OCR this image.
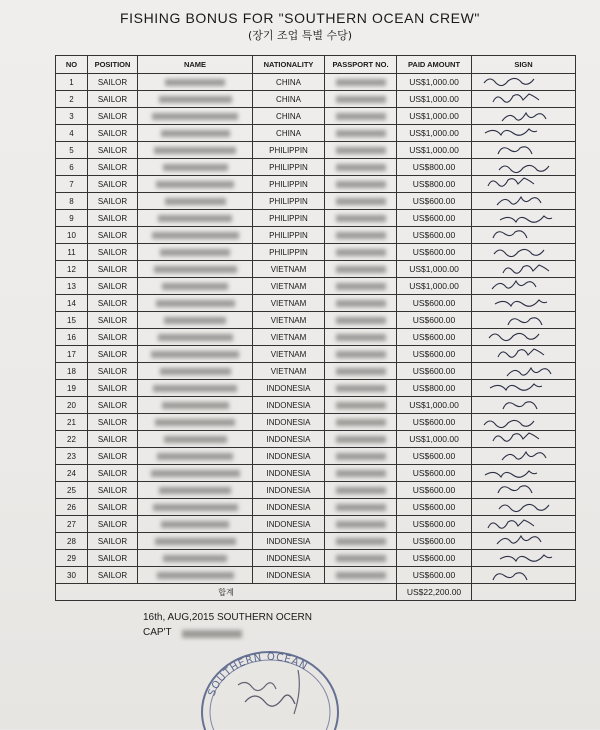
FISHING BONUS FOR "SOUTHERN OCEAN CREW"
(장기 조업 특별 수당)
NO	POSITION	NAME	NATIONALITY	PASSPORT NO.	PAID AMOUNT	SIGN
1	SAILOR		CHINA		US$1,000.00	

2	SAILOR		CHINA		US$1,000.00	

3	SAILOR		CHINA		US$1,000.00	

4	SAILOR		CHINA		US$1,000.00	

5	SAILOR		PHILIPPIN		US$1,000.00	

6	SAILOR		PHILIPPIN		US$800.00	

7	SAILOR		PHILIPPIN		US$800.00	

8	SAILOR		PHILIPPIN		US$600.00	

9	SAILOR		PHILIPPIN		US$600.00	

10	SAILOR		PHILIPPIN		US$600.00	

11	SAILOR		PHILIPPIN		US$600.00	

12	SAILOR		VIETNAM		US$1,000.00	

13	SAILOR		VIETNAM		US$1,000.00	

14	SAILOR		VIETNAM		US$600.00	

15	SAILOR		VIETNAM		US$600.00	

16	SAILOR		VIETNAM		US$600.00	

17	SAILOR		VIETNAM		US$600.00	

18	SAILOR		VIETNAM		US$600.00	

19	SAILOR		INDONESIA		US$800.00	

20	SAILOR		INDONESIA		US$1,000.00	

21	SAILOR		INDONESIA		US$600.00	

22	SAILOR		INDONESIA		US$1,000.00	

23	SAILOR		INDONESIA		US$600.00	

24	SAILOR		INDONESIA		US$600.00	

25	SAILOR		INDONESIA		US$600.00	

26	SAILOR		INDONESIA		US$600.00	

27	SAILOR		INDONESIA		US$600.00	

28	SAILOR		INDONESIA		US$600.00	

29	SAILOR		INDONESIA		US$600.00	

30	SAILOR		INDONESIA		US$600.00	

합계					US$22,200.00	
16th, AUG,2015 SOUTHERN OCERN
CAP'T
SOUTHERN OCEAN
